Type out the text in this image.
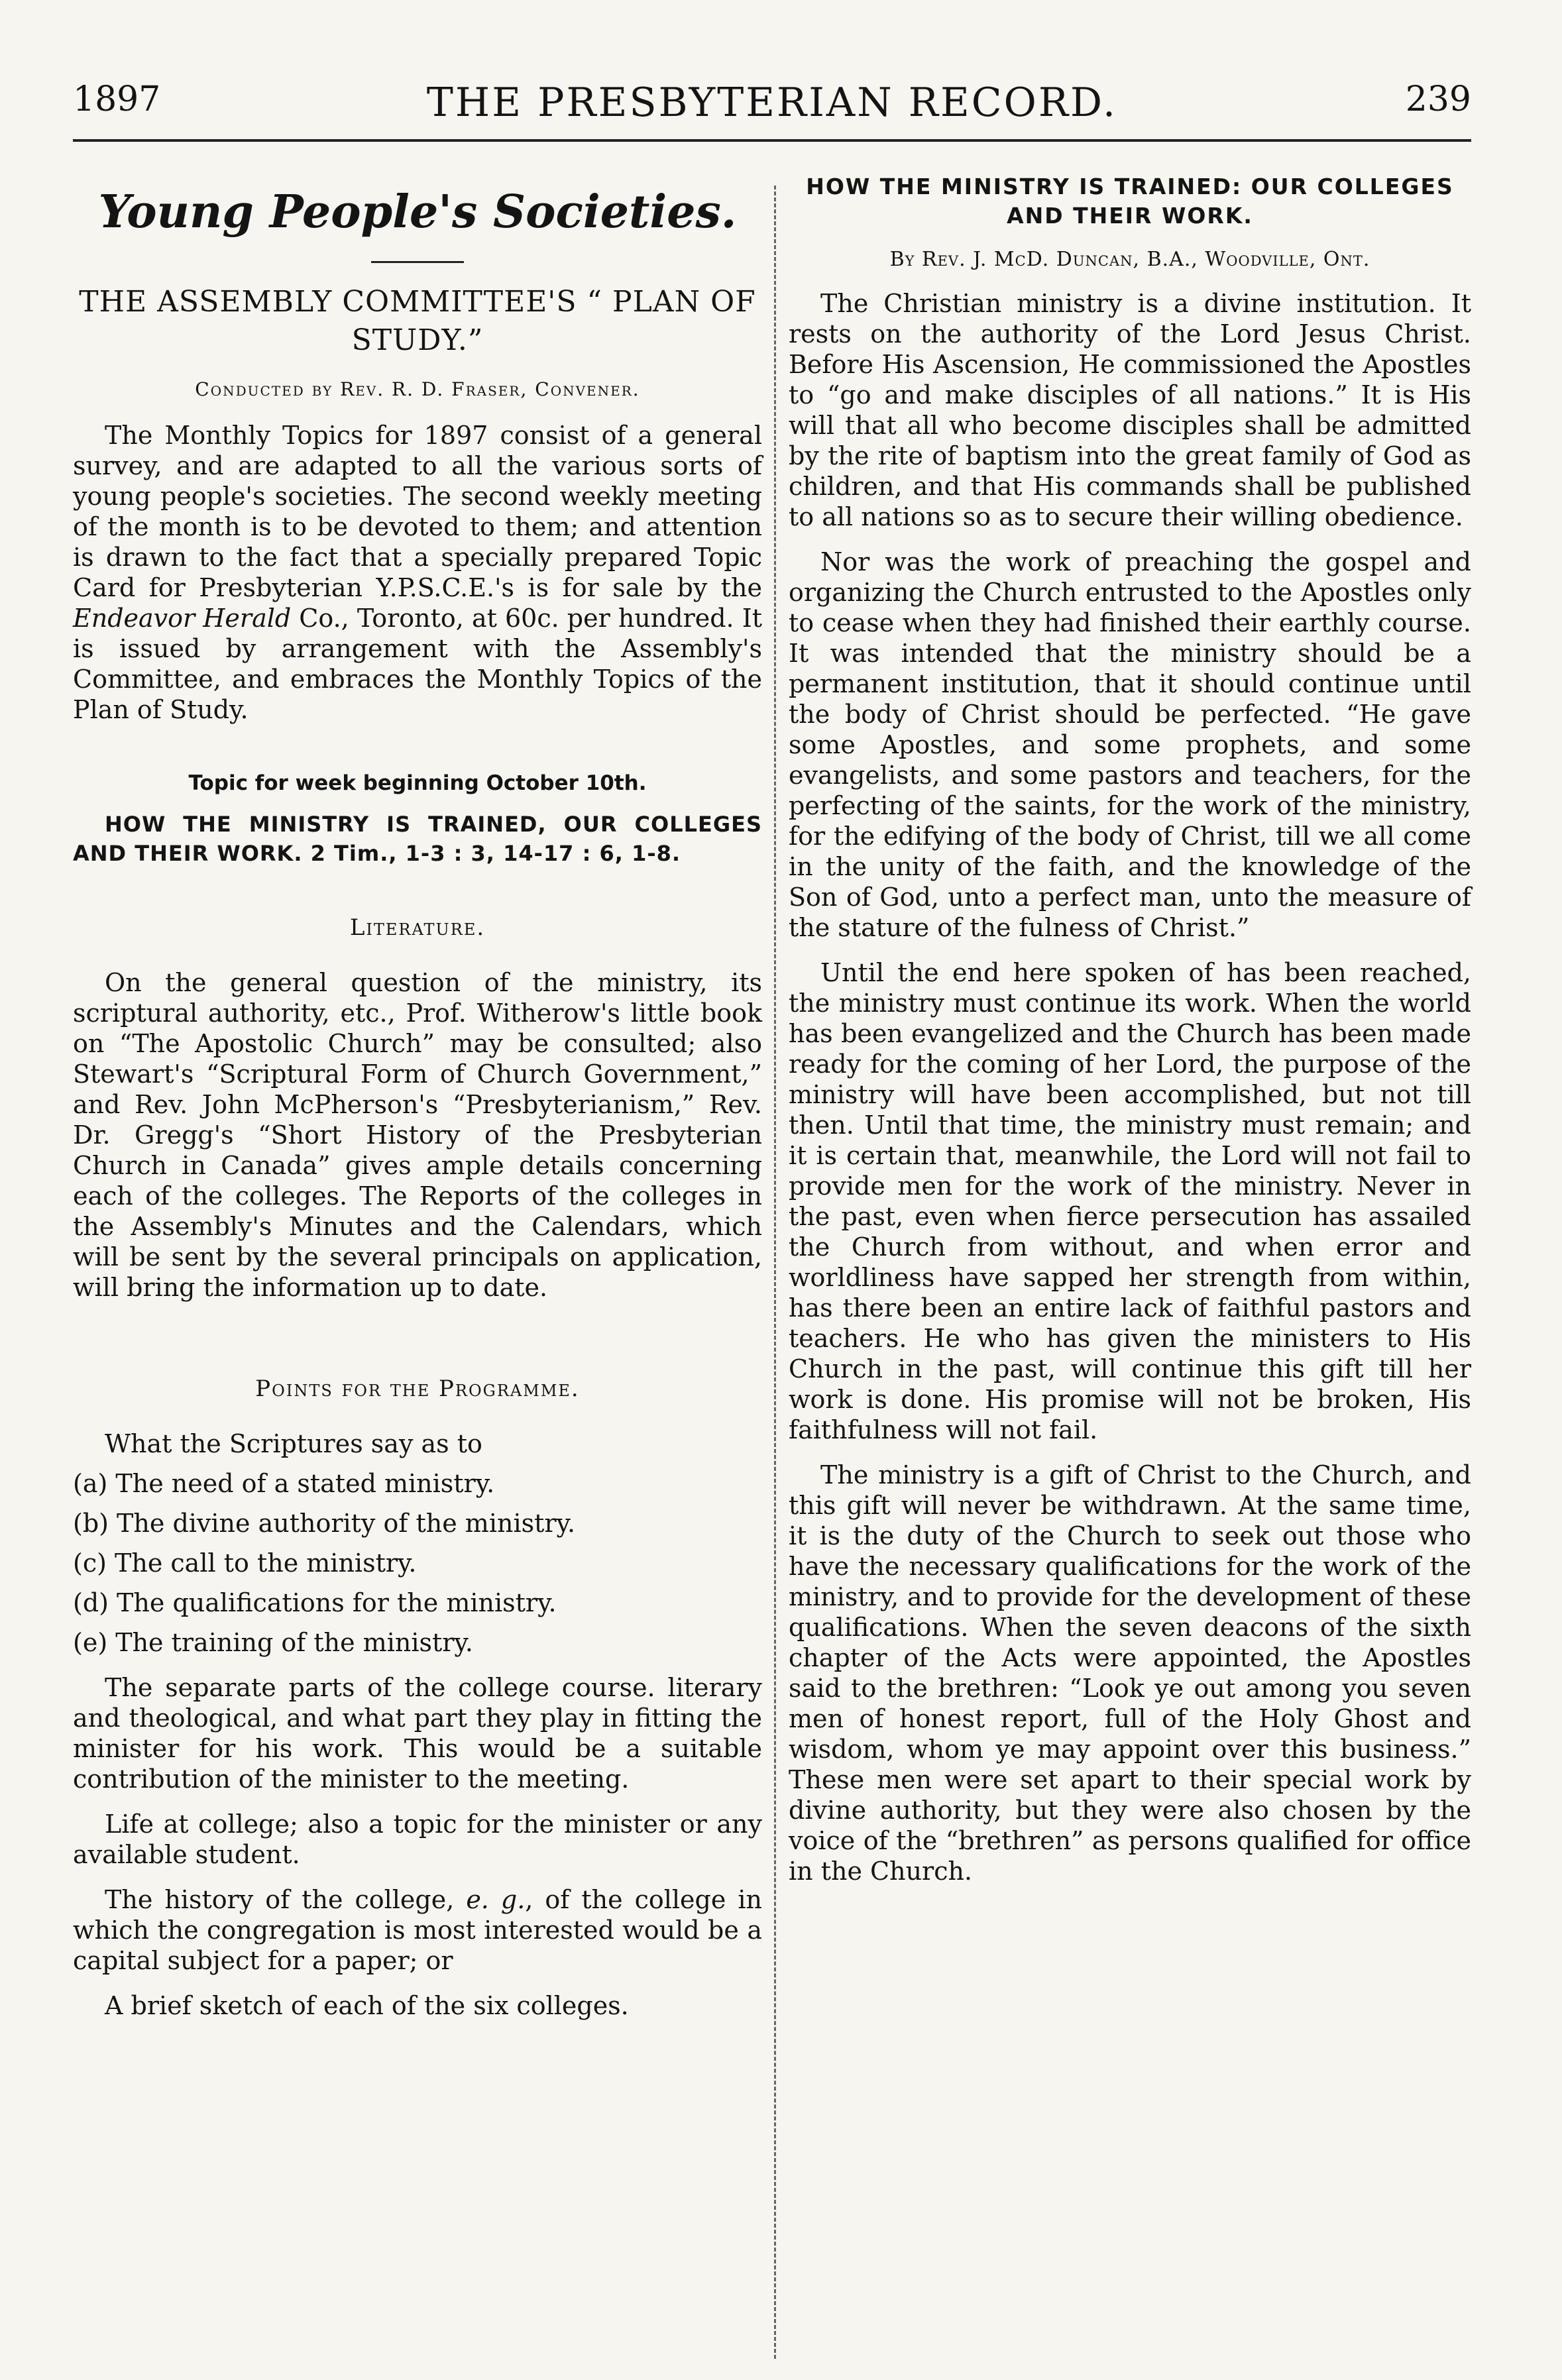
1897	THE PRESBYTERIAN RECORD.	239
Young People's Societies.
THE ASSEMBLY COMMITTEE'S “ PLAN OF STUDY.”
Conducted by Rev. R. D. Fraser, Convener.

The Monthly Topics for 1897 consist of a general survey, and are adapted to all the various sorts of young people's societies. The second weekly meeting of the month is to be devoted to them; and attention is drawn to the fact that a specially prepared Topic Card for Presbyterian Y.P.S.C.E.'s is for sale by the Endeavor Herald Co., Toronto, at 60c. per hundred. It is issued by arrangement with the Assembly's Committee, and embraces the Monthly Topics of the Plan of Study.

Topic for week beginning October 10th.

HOW THE MINISTRY IS TRAINED, OUR COLLEGES AND THEIR WORK. 2 Tim., 1-3 : 3, 14-17 : 6, 1-8.

Literature.

On the general question of the ministry, its scriptural authority, etc., Prof. Witherow's little book on “The Apostolic Church” may be consulted; also Stewart's “Scriptural Form of Church Government,” and Rev. John McPherson's “Presbyterianism,” Rev. Dr. Gregg's “Short History of the Presbyterian Church in Canada” gives ample details concerning each of the colleges. The Reports of the colleges in the Assembly's Minutes and the Calendars, which will be sent by the several principals on application, will bring the information up to date.

Points for the Programme.

What the Scriptures say as to

(a) The need of a stated ministry.
(b) The divine authority of the ministry.
(c) The call to the ministry.
(d) The qualifications for the ministry.
(e) The training of the ministry.

The separate parts of the college course. literary and theological, and what part they play in fitting the minister for his work. This would be a suitable contribution of the minister to the meeting.

Life at college; also a topic for the minister or any available student.

The history of the college, e. g., of the college in which the congregation is most interested would be a capital subject for a paper; or

A brief sketch of each of the six colleges.

HOW THE MINISTRY IS TRAINED: OUR COLLEGES AND THEIR WORK.
By Rev. J. McD. Duncan, B.A., Woodville, Ont.

The Christian ministry is a divine institution. It rests on the authority of the Lord Jesus Christ. Before His Ascension, He commissioned the Apostles to “go and make disciples of all nations.” It is His will that all who become disciples shall be admitted by the rite of baptism into the great family of God as children, and that His commands shall be published to all nations so as to secure their willing obedience.

Nor was the work of preaching the gospel and organizing the Church entrusted to the Apostles only to cease when they had finished their earthly course. It was intended that the ministry should be a permanent institution, that it should continue until the body of Christ should be perfected. “He gave some Apostles, and some prophets, and some evangelists, and some pastors and teachers, for the perfecting of the saints, for the work of the ministry, for the edifying of the body of Christ, till we all come in the unity of the faith, and the knowledge of the Son of God, unto a perfect man, unto the measure of the stature of the fulness of Christ.”

Until the end here spoken of has been reached, the ministry must continue its work. When the world has been evangelized and the Church has been made ready for the coming of her Lord, the purpose of the ministry will have been accomplished, but not till then. Until that time, the ministry must remain; and it is certain that, meanwhile, the Lord will not fail to provide men for the work of the ministry. Never in the past, even when fierce persecution has assailed the Church from without, and when error and worldliness have sapped her strength from within, has there been an entire lack of faithful pastors and teachers. He who has given the ministers to His Church in the past, will continue this gift till her work is done. His promise will not be broken, His faithfulness will not fail.

The ministry is a gift of Christ to the Church, and this gift will never be withdrawn. At the same time, it is the duty of the Church to seek out those who have the necessary qualifications for the work of the ministry, and to provide for the development of these qualifications. When the seven deacons of the sixth chapter of the Acts were appointed, the Apostles said to the brethren: “Look ye out among you seven men of honest report, full of the Holy Ghost and wisdom, whom ye may appoint over this business.” These men were set apart to their special work by divine authority, but they were also chosen by the voice of the “brethren” as persons qualified for office in the Church.
